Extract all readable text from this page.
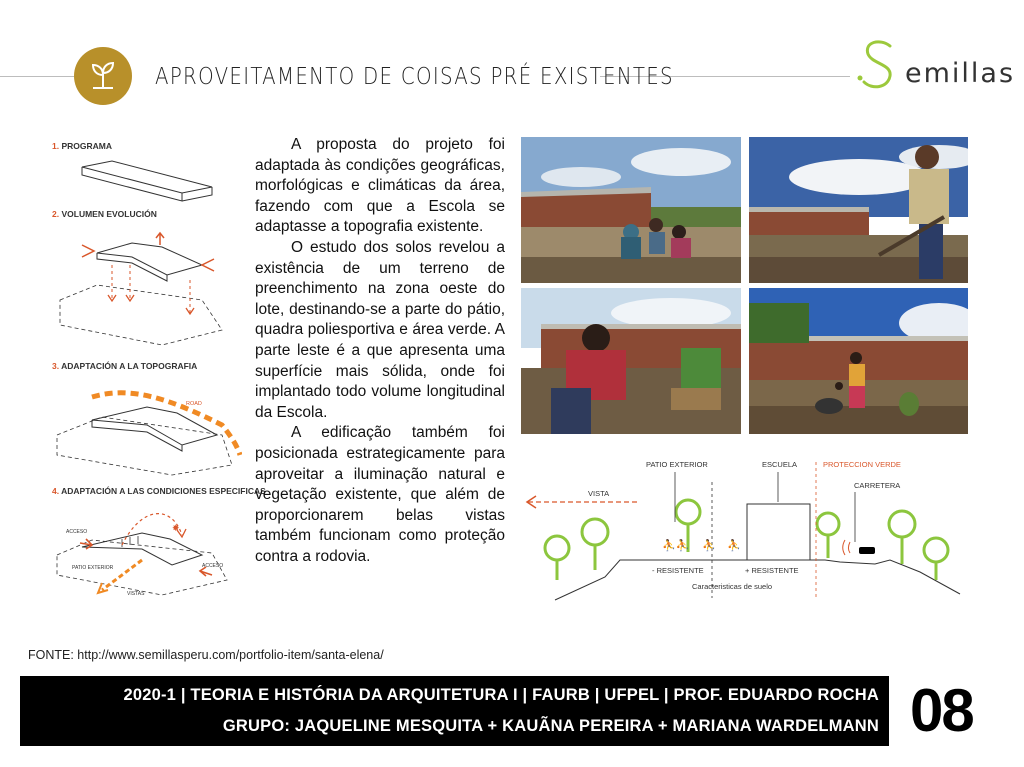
APROVEITAMENTO DE COISAS PRÉ EXISTENTES	emillas
1. PROGRAMA
2. VOLUMEN EVOLUCIÓN
3. ADAPTACIÓN A LA TOPOGRAFIA
4. ADAPTACIÓN A LAS CONDICIONES ESPECIFICAS
ROAD
ACCESO
ACCESO
PATIO EXTERIOR
VISTAS
✸

A proposta do projeto foi adaptada às condições geográficas, morfológicas e climáticas da área, fazendo com que a Escola se adaptasse a topografia existente.

O estudo dos solos revelou a existência de um terreno de preenchimento na zona oeste do lote, destinando-se a parte do pátio, quadra poliesportiva e área verde. A parte leste é a que apresenta uma superfície mais sólida, onde foi implantado todo volume longitudinal da Escola.

A edificação também foi posicionada estrategicamente para aproveitar a iluminação natural e vegetação existente, que além de proporcionarem belas vistas também funcionam como proteção contra a rodovia.

⛹⛹ ⛹ ⛹
PATIO EXTERIOR	ESCUELA	PROTECCION VERDE
CARRETERA
VISTA
- RESISTENTE	+ RESISTENTE
Caracteristicas de suelo
FONTE: http://www.semillasperu.com/portfolio-item/santa-elena/
2020-1 | TEORIA E HISTÓRIA DA ARQUITETURA I | FAURB | UFPEL | PROF. EDUARDO ROCHA
GRUPO: JAQUELINE MESQUITA + KAUÃNA PEREIRA + MARIANA WARDELMANN 08
